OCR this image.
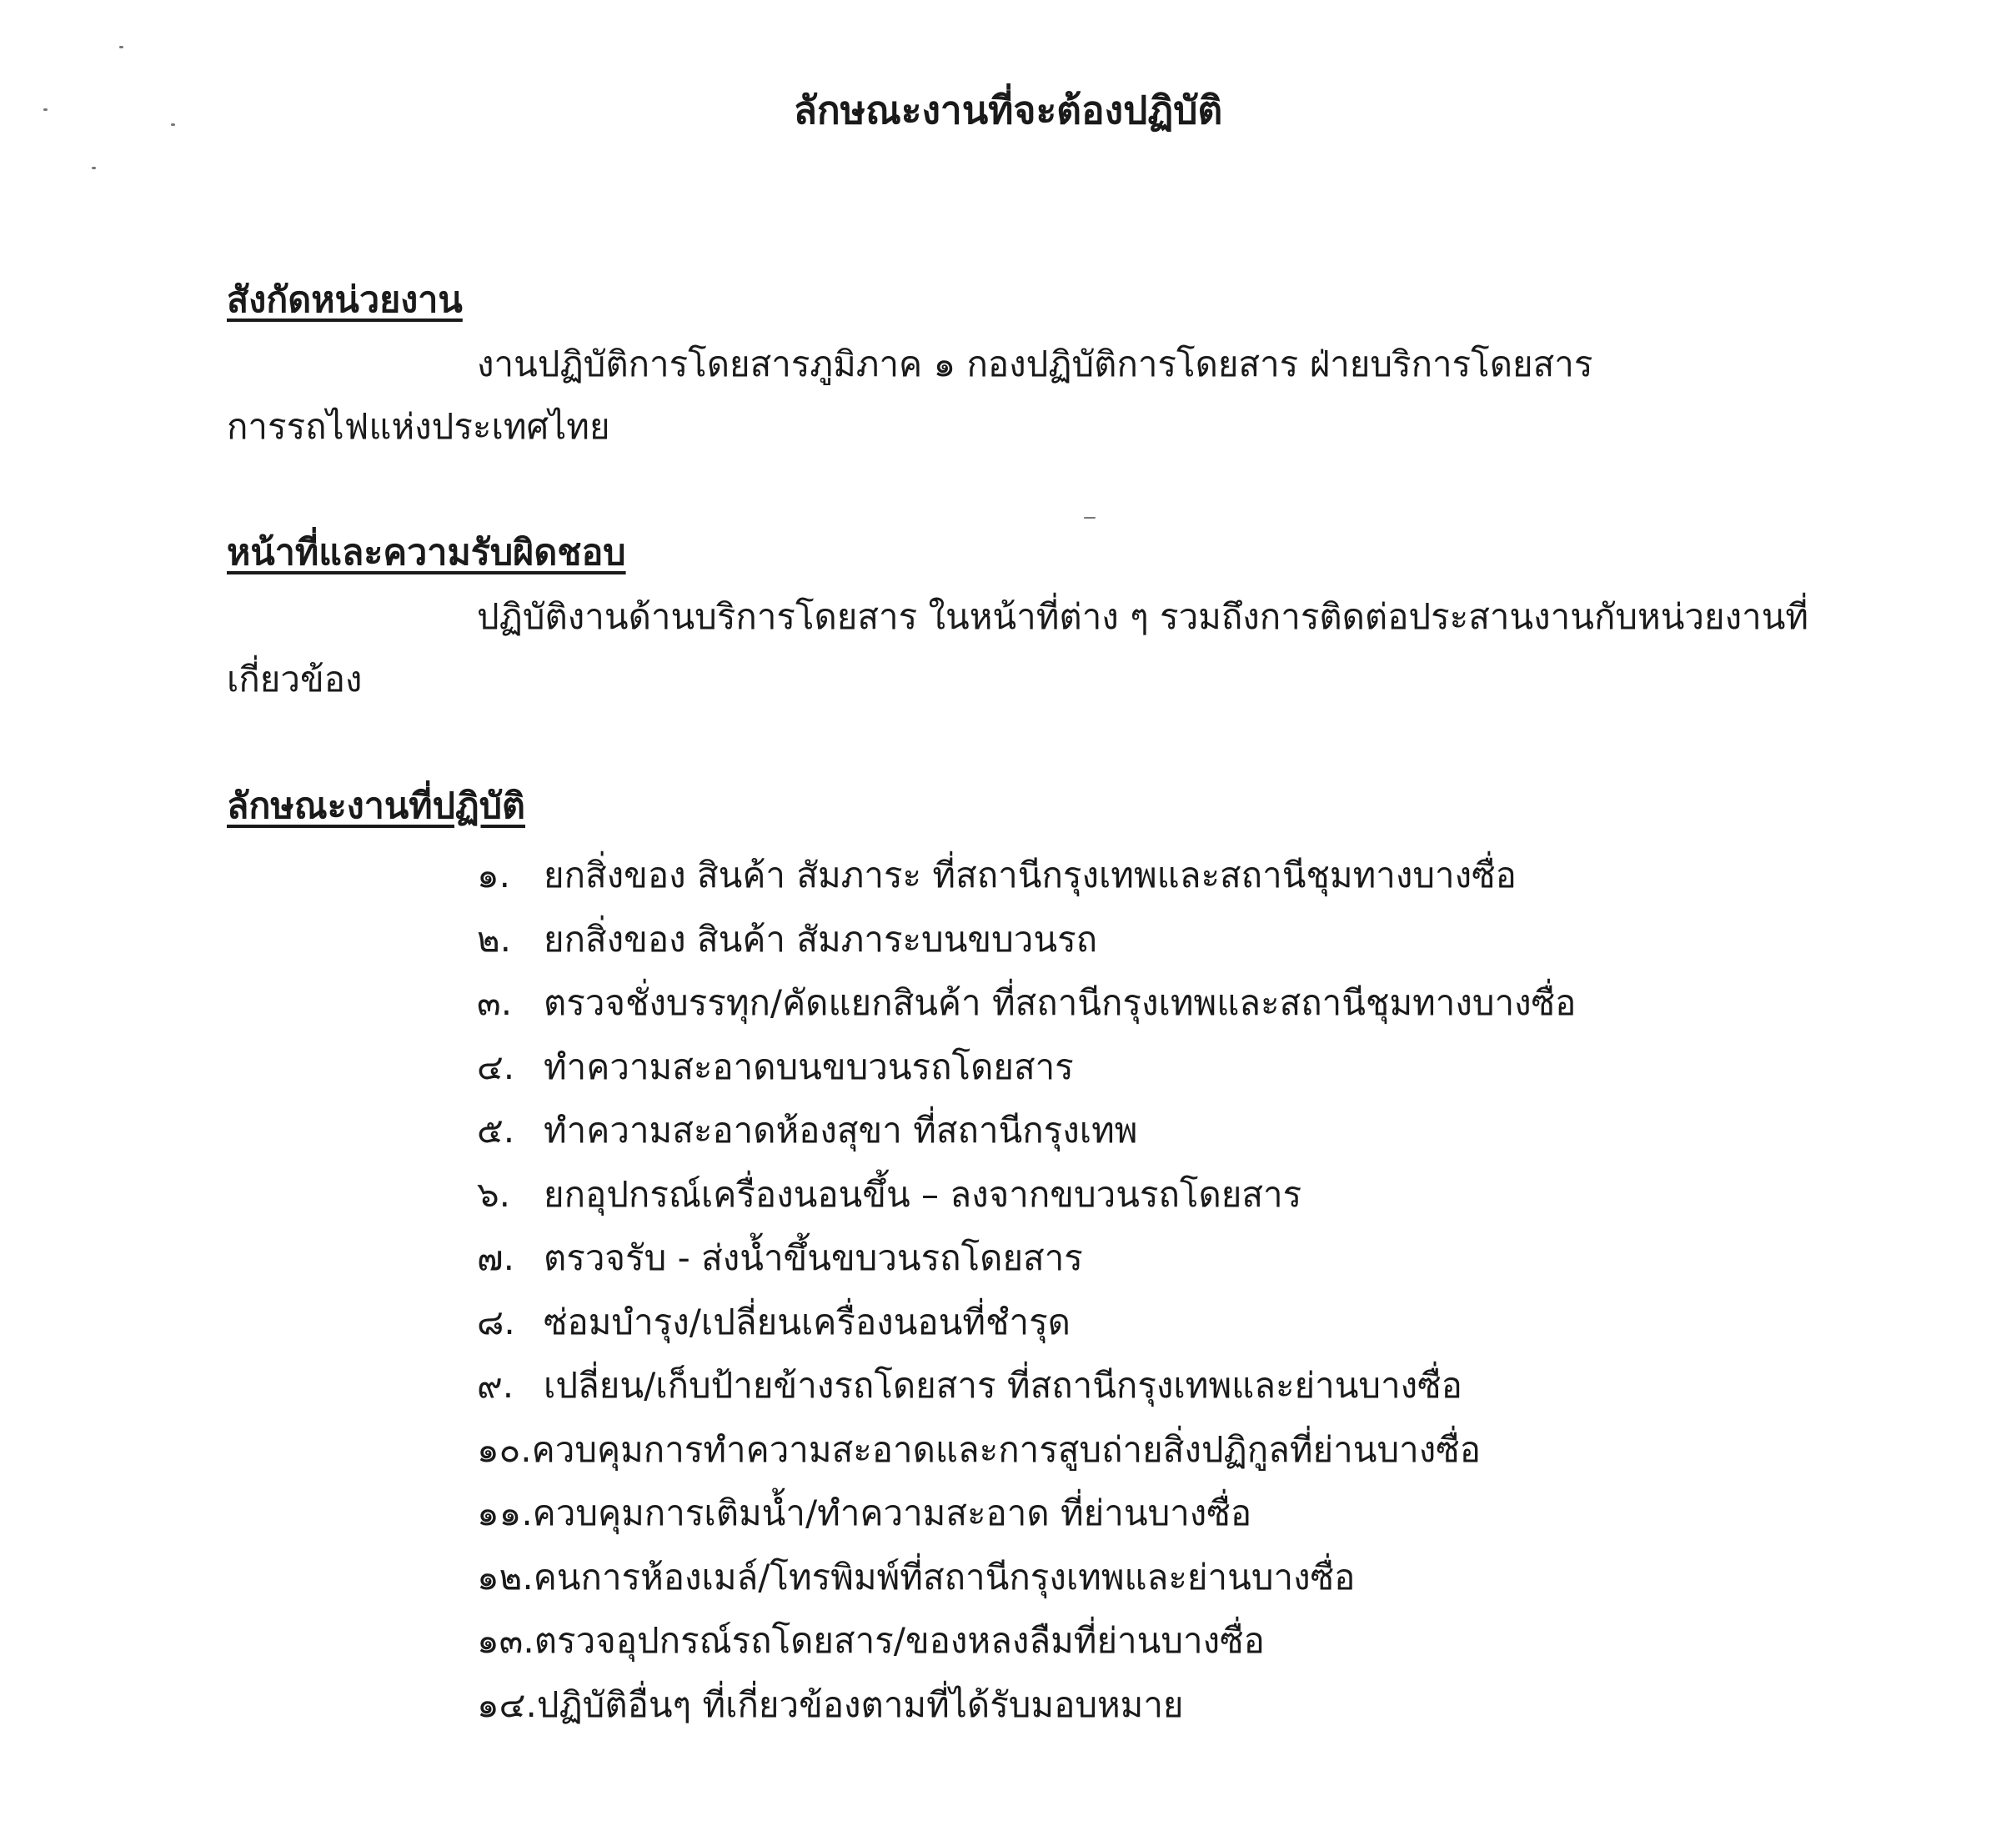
ลักษณะงานที่จะต้องปฏิบัติ
สังกัดหน่วยงาน

งานปฏิบัติการโดยสารภูมิภาค ๑ กองปฏิบัติการโดยสาร ฝ่ายบริการโดยสาร

การรถไฟแห่งประเทศไทย

หน้าที่และความรับผิดชอบ

ปฏิบัติงานด้านบริการโดยสาร ในหน้าที่ต่าง ๆ รวมถึงการติดต่อประสานงานกับหน่วยงานที่

เกี่ยวข้อง

ลักษณะงานที่ปฏิบัติ
๑. ยกสิ่งของ สินค้า สัมภาระ ที่สถานีกรุงเทพและสถานีชุมทางบางซื่อ
๒. ยกสิ่งของ สินค้า สัมภาระบนขบวนรถ
๓. ตรวจชั่งบรรทุก/คัดแยกสินค้า ที่สถานีกรุงเทพและสถานีชุมทางบางซื่อ
๔. ทำความสะอาดบนขบวนรถโดยสาร
๕. ทำความสะอาดห้องสุขา ที่สถานีกรุงเทพ
๖. ยกอุปกรณ์เครื่องนอนขึ้น – ลงจากขบวนรถโดยสาร
๗. ตรวจรับ - ส่งน้ำขึ้นขบวนรถโดยสาร
๘. ซ่อมบำรุง/เปลี่ยนเครื่องนอนที่ชำรุด
๙. เปลี่ยน/เก็บป้ายข้างรถโดยสาร ที่สถานีกรุงเทพและย่านบางซื่อ
๑๐.ควบคุมการทำความสะอาดและการสูบถ่ายสิ่งปฏิกูลที่ย่านบางซื่อ
๑๑.ควบคุมการเติมน้ำ/ทำความสะอาด ที่ย่านบางซื่อ
๑๒.คนการห้องเมล์/โทรพิมพ์ที่สถานีกรุงเทพและย่านบางซื่อ
๑๓.ตรวจอุปกรณ์รถโดยสาร/ของหลงลืมที่ย่านบางซื่อ
๑๔.ปฏิบัติอื่นๆ ที่เกี่ยวข้องตามที่ได้รับมอบหมาย
